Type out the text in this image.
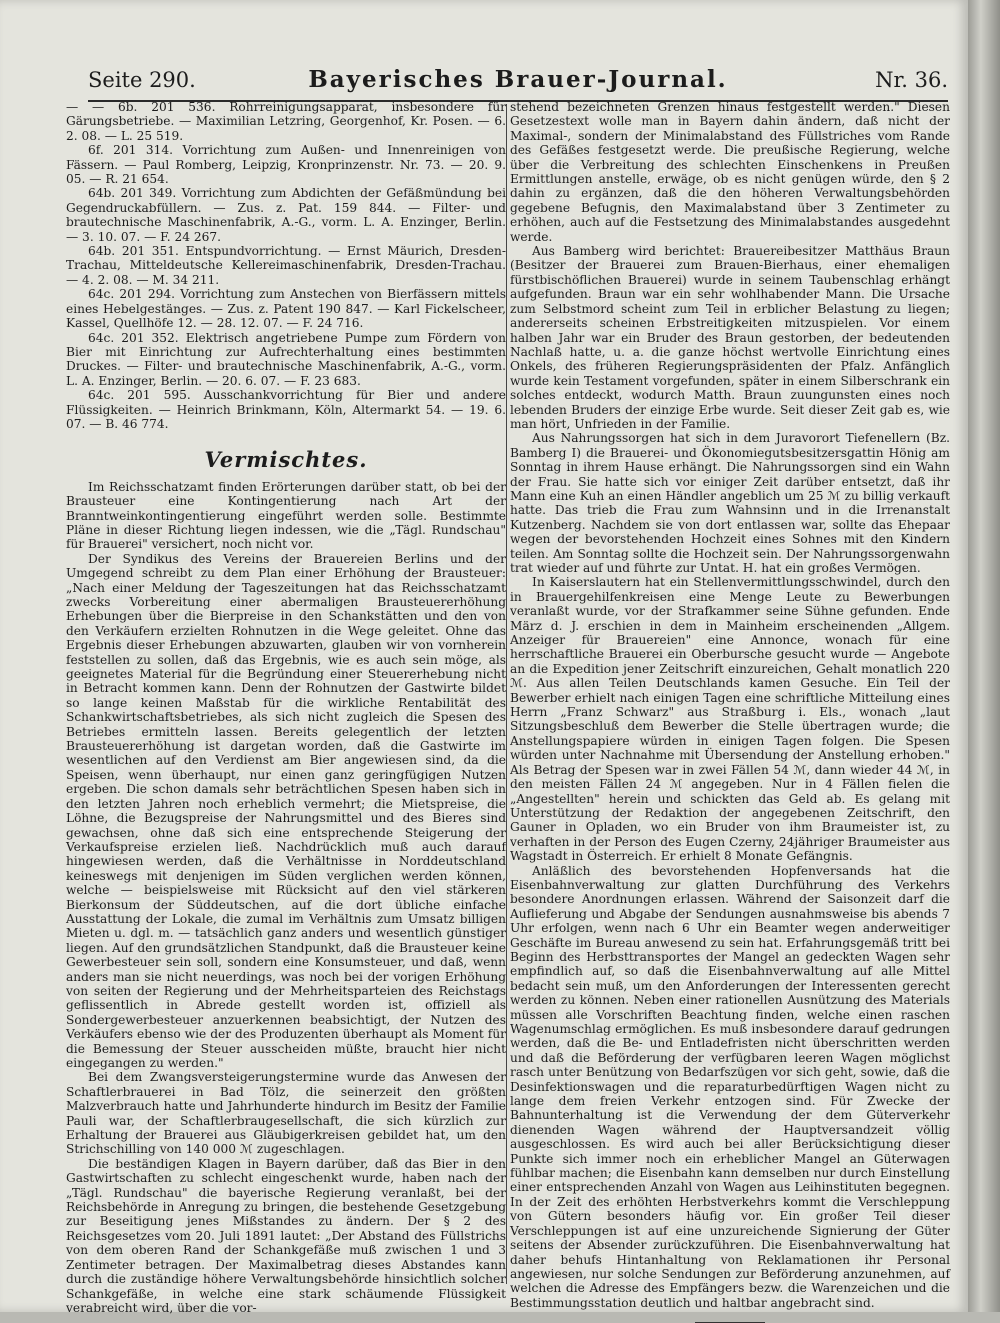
Seite 290.	Bayerisches Brauer-Journal.	Nr. 36.

— — 6b. 201 536. Rohrreinigungsapparat, insbesondere für Gärungsbetriebe. — Maximilian Letzring, Georgenhof, Kr. Posen. — 6. 2. 08. — L. 25 519.

6f. 201 314. Vorrichtung zum Außen- und Innenreinigen von Fässern. — Paul Romberg, Leipzig, Kronprinzenstr. Nr. 73. — 20. 9. 05. — R. 21 654.

64b. 201 349. Vorrichtung zum Abdichten der Gefäßmündung bei Gegendruckabfüllern. — Zus. z. Pat. 159 844. — Filter- und brautechnische Maschinenfabrik, A.-G., vorm. L. A. Enzinger, Berlin. — 3. 10. 07. — F. 24 267.

64b. 201 351. Entspundvorrichtung. — Ernst Mäurich, Dresden-Trachau, Mitteldeutsche Kellereimaschinenfabrik, Dresden-Trachau. — 4. 2. 08. — M. 34 211.

64c. 201 294. Vorrichtung zum Anstechen von Bierfässern mittels eines Hebelgestänges. — Zus. z. Patent 190 847. — Karl Fickelscheer, Kassel, Quellhöfe 12. — 28. 12. 07. — F. 24 716.

64c. 201 352. Elektrisch angetriebene Pumpe zum Fördern von Bier mit Einrichtung zur Aufrechterhaltung eines bestimmten Druckes. — Filter- und brautechnische Maschinenfabrik, A.-G., vorm. L. A. Enzinger, Berlin. — 20. 6. 07. — F. 23 683.

64c. 201 595. Ausschankvorrichtung für Bier und andere Flüssigkeiten. — Heinrich Brinkmann, Köln, Altermarkt 54. — 19. 6. 07. — B. 46 774.

Vermischtes.

Im Reichsschatzamt finden Erörterungen darüber statt, ob bei der Brausteuer eine Kontingentierung nach Art der Branntweinkontingentierung eingeführt werden solle. Bestimmte Pläne in dieser Richtung liegen indessen, wie die „Tägl. Rundschau" für Brauerei" versichert, noch nicht vor.

Der Syndikus des Vereins der Brauereien Berlins und der Umgegend schreibt zu dem Plan einer Erhöhung der Brausteuer: „Nach einer Meldung der Tageszeitungen hat das Reichsschatzamt zwecks Vorbereitung einer abermaligen Brausteuererhöhung Erhebungen über die Bierpreise in den Schankstätten und den von den Verkäufern erzielten Rohnutzen in die Wege geleitet. Ohne das Ergebnis dieser Erhebungen abzuwarten, glauben wir von vornherein feststellen zu sollen, daß das Ergebnis, wie es auch sein möge, als geeignetes Material für die Begründung einer Steuererhebung nicht in Betracht kommen kann. Denn der Rohnutzen der Gastwirte bildet so lange keinen Maßstab für die wirkliche Rentabilität des Schankwirtschaftsbetriebes, als sich nicht zugleich die Spesen des Betriebes ermitteln lassen. Bereits gelegentlich der letzten Brausteuererhöhung ist dargetan worden, daß die Gastwirte im wesentlichen auf den Verdienst am Bier angewiesen sind, da die Speisen, wenn überhaupt, nur einen ganz geringfügigen Nutzen ergeben. Die schon damals sehr beträchtlichen Spesen haben sich in den letzten Jahren noch erheblich vermehrt; die Mietspreise, die Löhne, die Bezugspreise der Nahrungsmittel und des Bieres sind gewachsen, ohne daß sich eine entsprechende Steigerung der Verkaufspreise erzielen ließ. Nachdrücklich muß auch darauf hingewiesen werden, daß die Verhältnisse in Norddeutschland keineswegs mit denjenigen im Süden verglichen werden können, welche — beispielsweise mit Rücksicht auf den viel stärkeren Bierkonsum der Süddeutschen, auf die dort übliche einfache Ausstattung der Lokale, die zumal im Verhältnis zum Umsatz billigen Mieten u. dgl. m. — tatsächlich ganz anders und wesentlich günstiger liegen. Auf den grundsätzlichen Standpunkt, daß die Brausteuer keine Gewerbesteuer sein soll, sondern eine Konsumsteuer, und daß, wenn anders man sie nicht neuerdings, was noch bei der vorigen Erhöhung von seiten der Regierung und der Mehrheitsparteien des Reichstags geflissentlich in Abrede gestellt worden ist, offiziell als Sondergewerbesteuer anzuerkennen beabsichtigt, der Nutzen des Verkäufers ebenso wie der des Produzenten überhaupt als Moment für die Bemessung der Steuer ausscheiden müßte, braucht hier nicht eingegangen zu werden."

Bei dem Zwangsversteigerungstermine wurde das Anwesen der Schaftlerbrauerei in Bad Tölz, die seinerzeit den größten Malzverbrauch hatte und Jahrhunderte hindurch im Besitz der Familie Pauli war, der Schaftlerbraugesellschaft, die sich kürzlich zur Erhaltung der Brauerei aus Gläubigerkreisen gebildet hat, um den Strichschilling von 140 000 ℳ zugeschlagen.

Die beständigen Klagen in Bayern darüber, daß das Bier in den Gastwirtschaften zu schlecht eingeschenkt wurde, haben nach der „Tägl. Rundschau" die bayerische Regierung veranlaßt, bei der Reichsbehörde in Anregung zu bringen, die bestehende Gesetzgebung zur Beseitigung jenes Mißstandes zu ändern. Der § 2 des Reichsgesetzes vom 20. Juli 1891 lautet: „Der Abstand des Füllstrichs von dem oberen Rand der Schankgefäße muß zwischen 1 und 3 Zentimeter betragen. Der Maximalbetrag dieses Abstandes kann durch die zuständige höhere Verwaltungsbehörde hinsichtlich solcher Schankgefäße, in welche eine stark schäumende Flüssigkeit verabreicht wird, über die vor-

stehend bezeichneten Grenzen hinaus festgestellt werden." Diesen Gesetzestext wolle man in Bayern dahin ändern, daß nicht der Maximal-, sondern der Minimalabstand des Füllstriches vom Rande des Gefäßes festgesetzt werde. Die preußische Regierung, welche über die Verbreitung des schlechten Einschenkens in Preußen Ermittlungen anstelle, erwäge, ob es nicht genügen würde, den § 2 dahin zu ergänzen, daß die den höheren Verwaltungsbehörden gegebene Befugnis, den Maximalabstand über 3 Zentimeter zu erhöhen, auch auf die Festsetzung des Minimalabstandes ausgedehnt werde.

Aus Bamberg wird berichtet: Brauereibesitzer Matthäus Braun (Besitzer der Brauerei zum Brauen-Bierhaus, einer ehemaligen fürstbischöflichen Brauerei) wurde in seinem Taubenschlag erhängt aufgefunden. Braun war ein sehr wohlhabender Mann. Die Ursache zum Selbstmord scheint zum Teil in erblicher Belastung zu liegen; andererseits scheinen Erbstreitigkeiten mitzuspielen. Vor einem halben Jahr war ein Bruder des Braun gestorben, der bedeutenden Nachlaß hatte, u. a. die ganze höchst wertvolle Einrichtung eines Onkels, des früheren Regierungspräsidenten der Pfalz. Anfänglich wurde kein Testament vorgefunden, später in einem Silberschrank ein solches entdeckt, wodurch Matth. Braun zuungunsten eines noch lebenden Bruders der einzige Erbe wurde. Seit dieser Zeit gab es, wie man hört, Unfrieden in der Familie.

Aus Nahrungssorgen hat sich in dem Juravorort Tiefenellern (Bz. Bamberg I) die Brauerei- und Ökonomiegutsbesitzersgattin Hönig am Sonntag in ihrem Hause erhängt. Die Nahrungssorgen sind ein Wahn der Frau. Sie hatte sich vor einiger Zeit darüber entsetzt, daß ihr Mann eine Kuh an einen Händler angeblich um 25 ℳ zu billig verkauft hatte. Das trieb die Frau zum Wahnsinn und in die Irrenanstalt Kutzenberg. Nachdem sie von dort entlassen war, sollte das Ehepaar wegen der bevorstehenden Hochzeit eines Sohnes mit den Kindern teilen. Am Sonntag sollte die Hochzeit sein. Der Nahrungssorgenwahn trat wieder auf und führte zur Untat. H. hat ein großes Vermögen.

In Kaiserslautern hat ein Stellenvermittlungsschwindel, durch den in Brauergehilfenkreisen eine Menge Leute zu Bewerbungen veranlaßt wurde, vor der Strafkammer seine Sühne gefunden. Ende März d. J. erschien in dem in Mainheim erscheinenden „Allgem. Anzeiger für Brauereien" eine Annonce, wonach für eine herrschaftliche Brauerei ein Oberbursche gesucht wurde — Angebote an die Expedition jener Zeitschrift einzureichen, Gehalt monatlich 220 ℳ. Aus allen Teilen Deutschlands kamen Gesuche. Ein Teil der Bewerber erhielt nach einigen Tagen eine schriftliche Mitteilung eines Herrn „Franz Schwarz" aus Straßburg i. Els., wonach „laut Sitzungsbeschluß dem Bewerber die Stelle übertragen wurde; die Anstellungspapiere würden in einigen Tagen folgen. Die Spesen würden unter Nachnahme mit Übersendung der Anstellung erhoben." Als Betrag der Spesen war in zwei Fällen 54 ℳ, dann wieder 44 ℳ, in den meisten Fällen 24 ℳ angegeben. Nur in 4 Fällen fielen die „Angestellten" herein und schickten das Geld ab. Es gelang mit Unterstützung der Redaktion der angegebenen Zeitschrift, den Gauner in Opladen, wo ein Bruder von ihm Braumeister ist, zu verhaften in der Person des Eugen Czerny, 24jähriger Braumeister aus Wagstadt in Österreich. Er erhielt 8 Monate Gefängnis.

Anläßlich des bevorstehenden Hopfenversands hat die Eisenbahnverwaltung zur glatten Durchführung des Verkehrs besondere Anordnungen erlassen. Während der Saisonzeit darf die Auflieferung und Abgabe der Sendungen ausnahmsweise bis abends 7 Uhr erfolgen, wenn nach 6 Uhr ein Beamter wegen anderweitiger Geschäfte im Bureau anwesend zu sein hat. Erfahrungsgemäß tritt bei Beginn des Herbsttransportes der Mangel an gedeckten Wagen sehr empfindlich auf, so daß die Eisenbahnverwaltung auf alle Mittel bedacht sein muß, um den Anforderungen der Interessenten gerecht werden zu können. Neben einer rationellen Ausnützung des Materials müssen alle Vorschriften Beachtung finden, welche einen raschen Wagenumschlag ermöglichen. Es muß insbesondere darauf gedrungen werden, daß die Be- und Entladefristen nicht überschritten werden und daß die Beförderung der verfügbaren leeren Wagen möglichst rasch unter Benützung von Bedarfszügen vor sich geht, sowie, daß die Desinfektionswagen und die reparaturbedürftigen Wagen nicht zu lange dem freien Verkehr entzogen sind. Für Zwecke der Bahnunterhaltung ist die Verwendung der dem Güterverkehr dienenden Wagen während der Hauptversandzeit völlig ausgeschlossen. Es wird auch bei aller Berücksichtigung dieser Punkte sich immer noch ein erheblicher Mangel an Güterwagen fühlbar machen; die Eisenbahn kann demselben nur durch Einstellung einer entsprechenden Anzahl von Wagen aus Leihinstituten begegnen. In der Zeit des erhöhten Herbstverkehrs kommt die Verschleppung von Gütern besonders häufig vor. Ein großer Teil dieser Verschleppungen ist auf eine unzureichende Signierung der Güter seitens der Absender zurückzuführen. Die Eisenbahnverwaltung hat daher behufs Hintanhaltung von Reklamationen ihr Personal angewiesen, nur solche Sendungen zur Beförderung anzunehmen, auf welchen die Adresse des Empfängers bezw. die Warenzeichen und die Bestimmungsstation deutlich und haltbar angebracht sind.
